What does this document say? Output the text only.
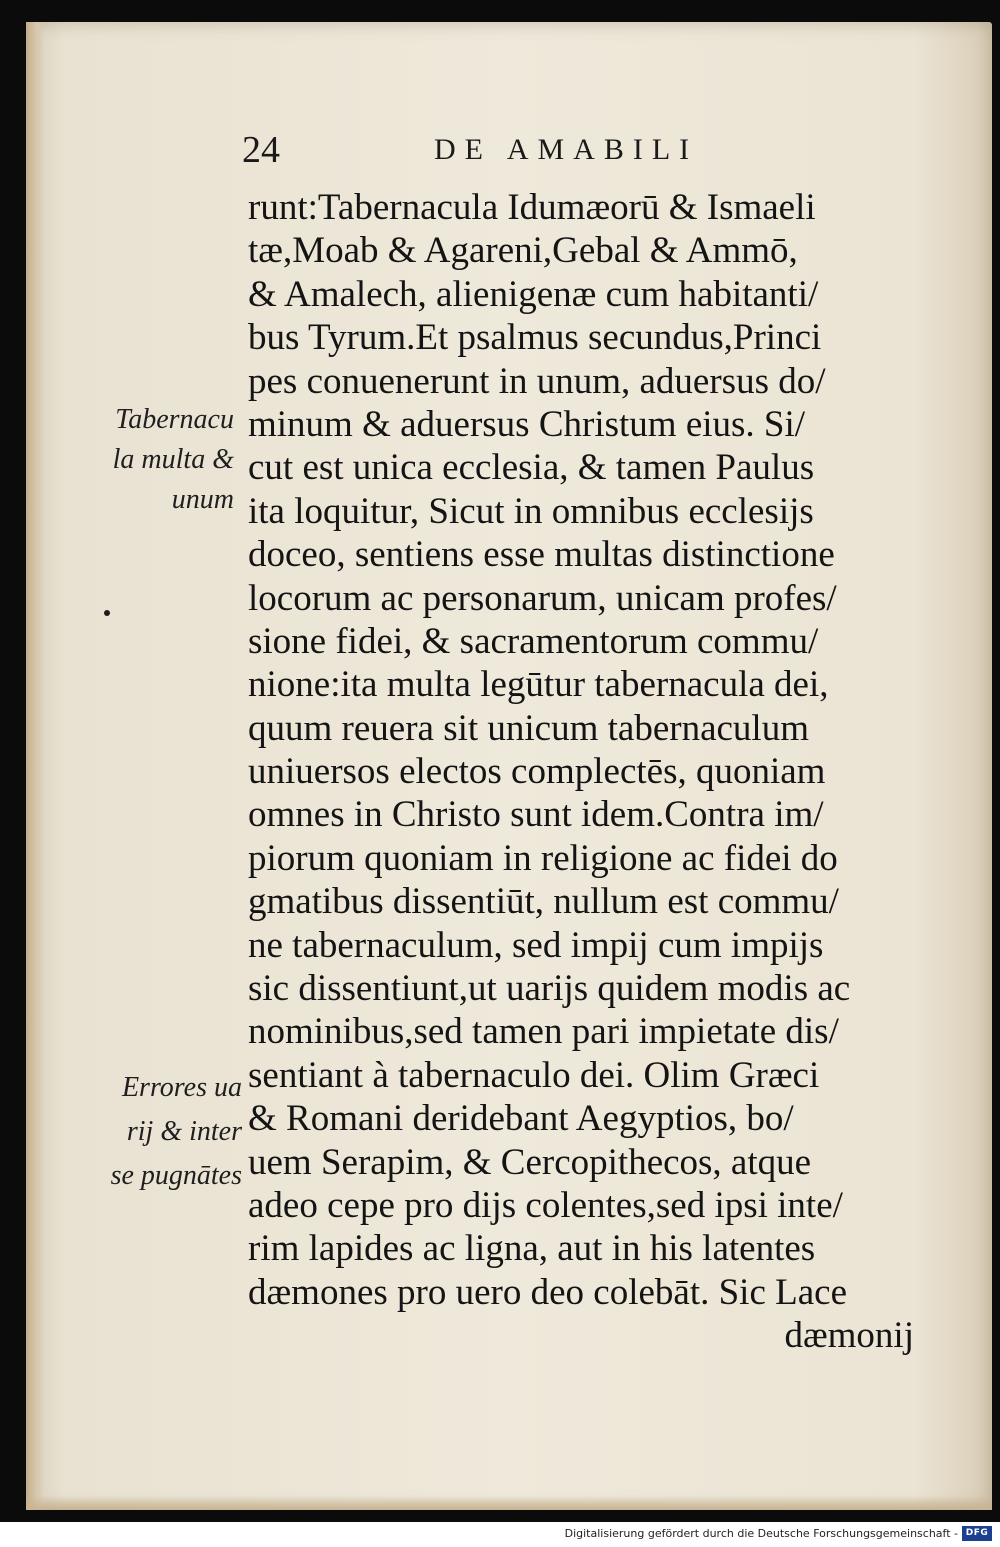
24	DE AMABILI
Tabernacu
la multa &
unum
Errores ua
rij & inter
se pugnātes
runt:Tabernacula Idumæorū & Ismaeli
tæ,Moab & Agareni,Gebal & Ammō,
& Amalech, alienigenæ cum habitanti/
bus Tyrum.Et psalmus secundus,Princi
pes conuenerunt in unum, aduersus do/
minum & aduersus Christum eius. Si/
cut est unica ecclesia, & tamen Paulus
ita loquitur, Sicut in omnibus ecclesijs
doceo, sentiens esse multas distinctione
locorum ac personarum, unicam profes/
sione fidei, & sacramentorum commu/
nione:ita multa legūtur tabernacula dei,
quum reuera sit unicum tabernaculum
uniuersos electos complectēs, quoniam
omnes in Christo sunt idem.Contra im/
piorum quoniam in religione ac fidei do
gmatibus dissentiūt, nullum est commu/
ne tabernaculum, sed impij cum impijs
sic dissentiunt,ut uarijs quidem modis ac
nominibus,sed tamen pari impietate dis/
sentiant à tabernaculo dei. Olim Græci
& Romani deridebant Aegyptios, bo/
uem Serapim, & Cercopithecos, atque
adeo cepe pro dijs colentes,sed ipsi inte/
rim lapides ac ligna, aut in his latentes
dæmones pro uero deo colebāt. Sic Lace
dæmonij
Digitalisierung gefördert durch die Deutsche Forschungsgemeinschaft - DFG
